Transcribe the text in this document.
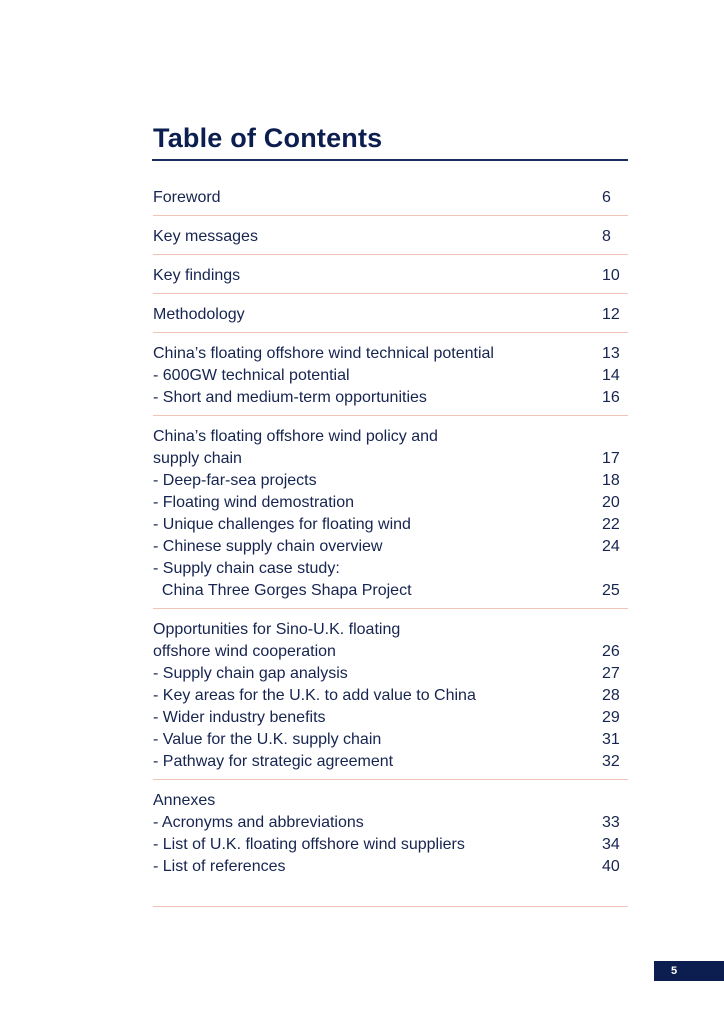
Table of Contents
Foreword	6
Key messages	8
Key findings	10
Methodology	12
China’s floating offshore wind technical potential	13
- 600GW technical potential	14
- Short and medium-term opportunities	16
China’s floating offshore wind policy and
supply chain	17
- Deep-far-sea projects	18
- Floating wind demostration	20
- Unique challenges for floating wind	22
- Chinese supply chain overview	24
- Supply chain case study:
China Three Gorges Shapa Project	25
Opportunities for Sino-U.K. floating
offshore wind cooperation	26
- Supply chain gap analysis	27
- Key areas for the U.K. to add value to China	28
- Wider industry benefits	29
- Value for the U.K. supply chain	31
- Pathway for strategic agreement	32
Annexes
- Acronyms and abbreviations	33
- List of U.K. floating offshore wind suppliers	34
- List of references	40
5
